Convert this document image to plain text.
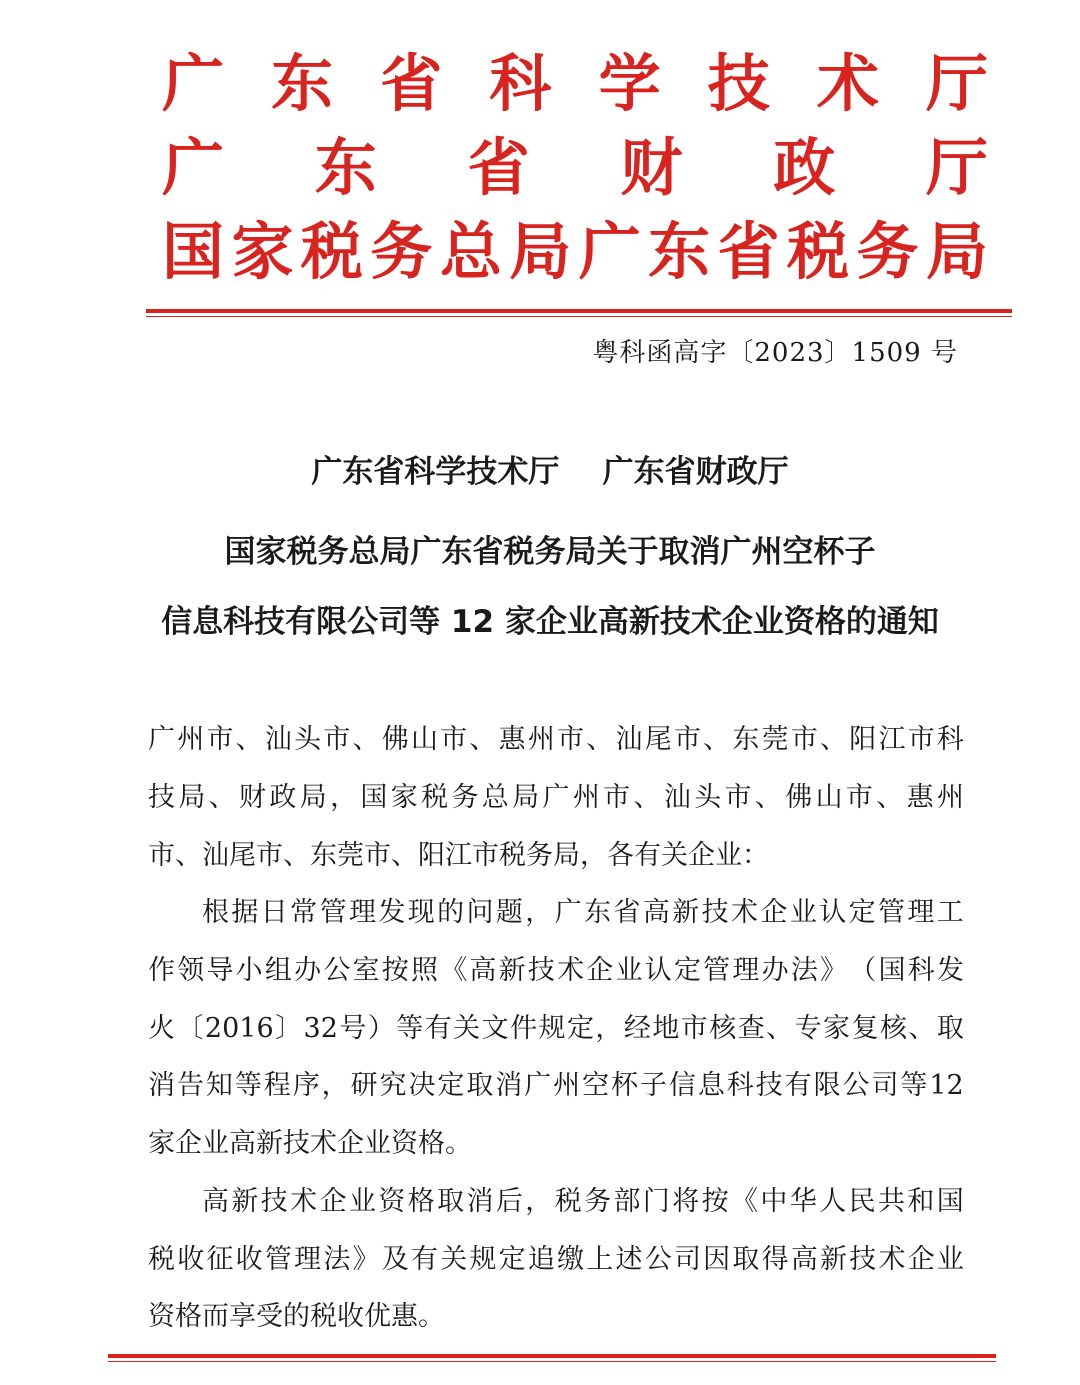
广 东 省 科 学 技 术 厅
广 东 省 财 政 厅
国 家 税 务 总 局 广 东 省 税 务 局
粤科函高字〔2023〕1509 号
广东省科学技术厅    广东省财政厅
国家税务总局广东省税务局关于取消广州空杯子
信息科技有限公司等 12 家企业高新技术企业资格的通知
广 州 市 、 汕 头 市 、 佛 山 市 、 惠 州 市 、 汕 尾 市 、 东 莞 市 、 阳 江 市 科
技 局 、 财 政 局 ， 国 家 税 务 总 局 广 州 市 、 汕 头 市 、 佛 山 市 、 惠 州
市、汕尾市、东莞市、阳江市税务局，各有关企业：
根 据 日 常 管 理 发 现 的 问 题 ， 广 东 省 高 新 技 术 企 业 认 定 管 理 工
作 领 导 小 组 办 公 室 按 照 《 高 新 技 术 企 业 认 定 管 理 办 法 》 （ 国 科 发
火 〔 2016 〕 32 号 ） 等 有 关 文 件 规 定 ， 经 地 市 核 查 、 专 家 复 核 、 取
消 告 知 等 程 序 ， 研 究 决 定 取 消 广 州 空 杯 子 信 息 科 技 有 限 公 司 等 12
家企业高新技术企业资格。
高 新 技 术 企 业 资 格 取 消 后 ， 税 务 部 门 将 按 《 中 华 人 民 共 和 国
税 收 征 收 管 理 法 》 及 有 关 规 定 追 缴 上 述 公 司 因 取 得 高 新 技 术 企 业
资格而享受的税收优惠。
